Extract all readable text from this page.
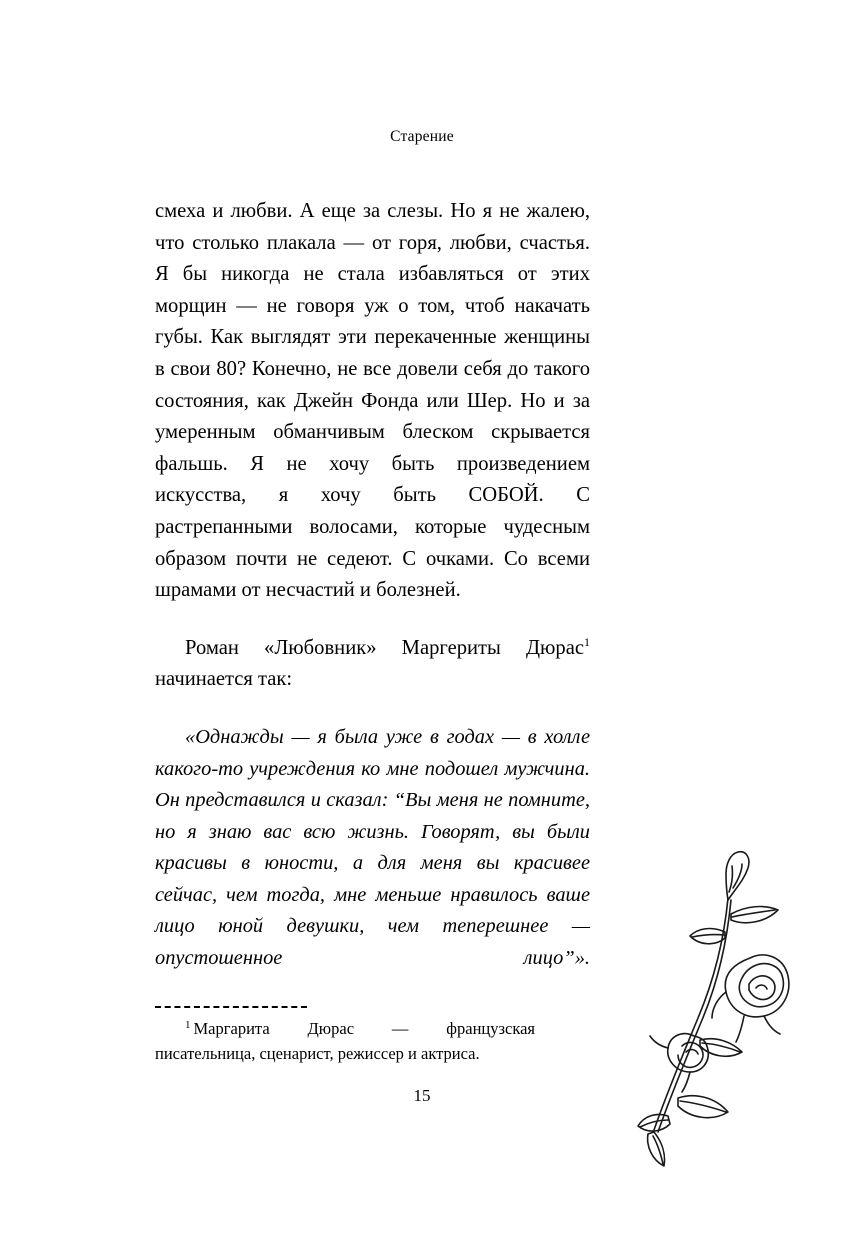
Старение

смеха и любви. А еще за слезы. Но я не жалею, что столько плакала — от горя, любви, счастья. Я бы никогда не стала избавляться от этих морщин — не говоря уж о том, чтоб накачать губы. Как выглядят эти перекаченные женщины в свои 80? Конечно, не все довели себя до такого состояния, как Джейн Фонда или Шер. Но и за умеренным обманчивым блеском скрывается фальшь. Я не хочу быть произведением искусства, я хочу быть СОБОЙ. С растрепанными волосами, которые чудесным образом почти не седеют. С очками. Со всеми шрамами от несчастий и болезней.

Роман «Любовник» Маргериты Дюрас$^1$ начинается так:

«Однажды — я была уже в годах — в холле какого-то учреждения ко мне подошел мужчина. Он представился и сказал: “Вы меня не помните, но я знаю вас всю жизнь. Говорят, вы были красивы в юности, а для меня вы красивее сейчас, чем тогда, мне меньше нравилось ваше лицо юной девушки, чем теперешнее — опустошенное лицо”».

$^1$ Маргарита Дюрас — французская писательница, сценарист, режиссер и актриса.
15
